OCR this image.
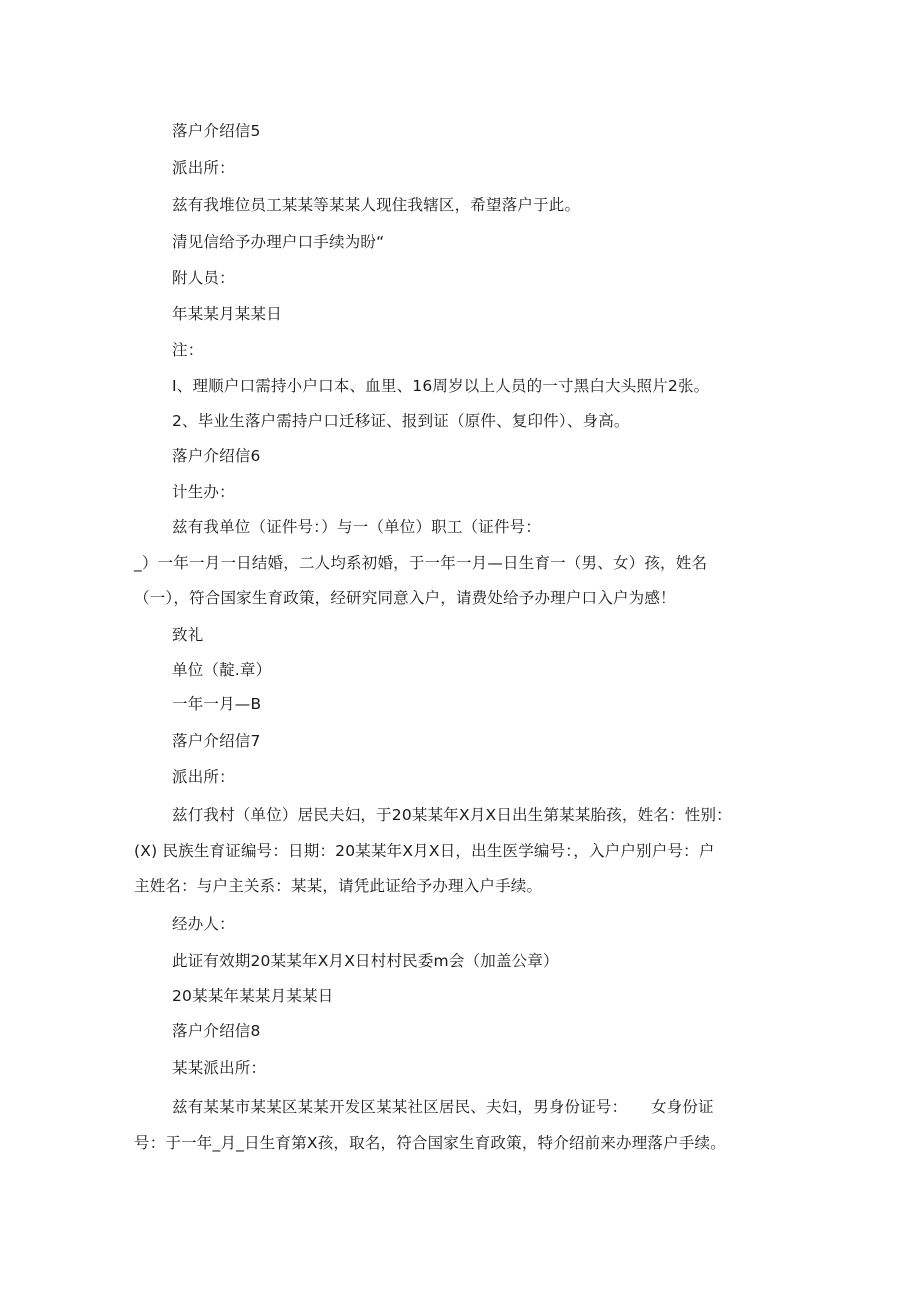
落户介绍信5
派出所：
兹有我堆位员工某某等某某人现住我辖区，希望落户于此。
清见信给予办理户口手续为盼“
附人员：
年某某月某某日
注：
I、理顺户口需持小户口本、血里、16周岁以上人员的一寸黑白大头照片2张。
2、毕业生落户需持户口迁移证、报到证（原件、复印件）、身高。
落户介绍信6
计生办：
兹有我单位（证件号：）与一（单位）职工（证件号：
_）一年一月一日结婚，二人均系初婚，于一年一月—日生育一（男、女）孩，姓名
（一），符合国家生育政策，经研究同意入户，请费处给予办理户口入户为感！
致礼
单位（靛.章）
一年一月—B
落户介绍信7
派出所：
兹仃我村（单位）居民夫妇，于20某某年X月X日出生第某某胎孩，姓名：性别：
(X) 民族生育证编号：日期：20某某年X月X日，出生医学编号：，入户户别户号：户
主姓名：与户主关系：某某，请凭此证给予办理入户手续。
经办人：
此证有效期20某某年X月X日村村民委m会（加盖公章）
20某某年某某月某某日
落户介绍信8
某某派出所：
兹有某某市某某区某某开发区某某社区居民、夫妇，男身份证号：　　女身份证
号：于一年_月_日生育第X孩，取名，符合国家生育政策，特介绍前来办理落户手续。
